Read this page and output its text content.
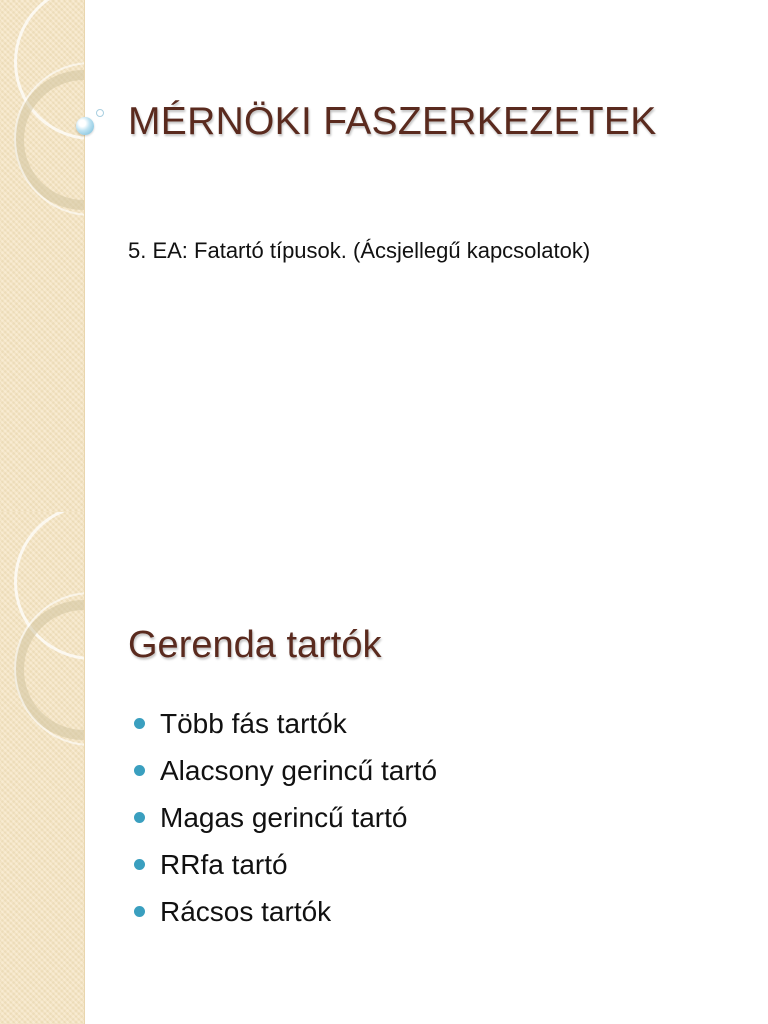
MÉRNÖKI FASZERKEZETEK
5. EA: Fatartó típusok. (Ácsjellegű kapcsolatok)
Gerenda tartók
Több fás tartók
Alacsony gerincű tartó
Magas gerincű tartó
RRfa tartó
Rácsos tartók
